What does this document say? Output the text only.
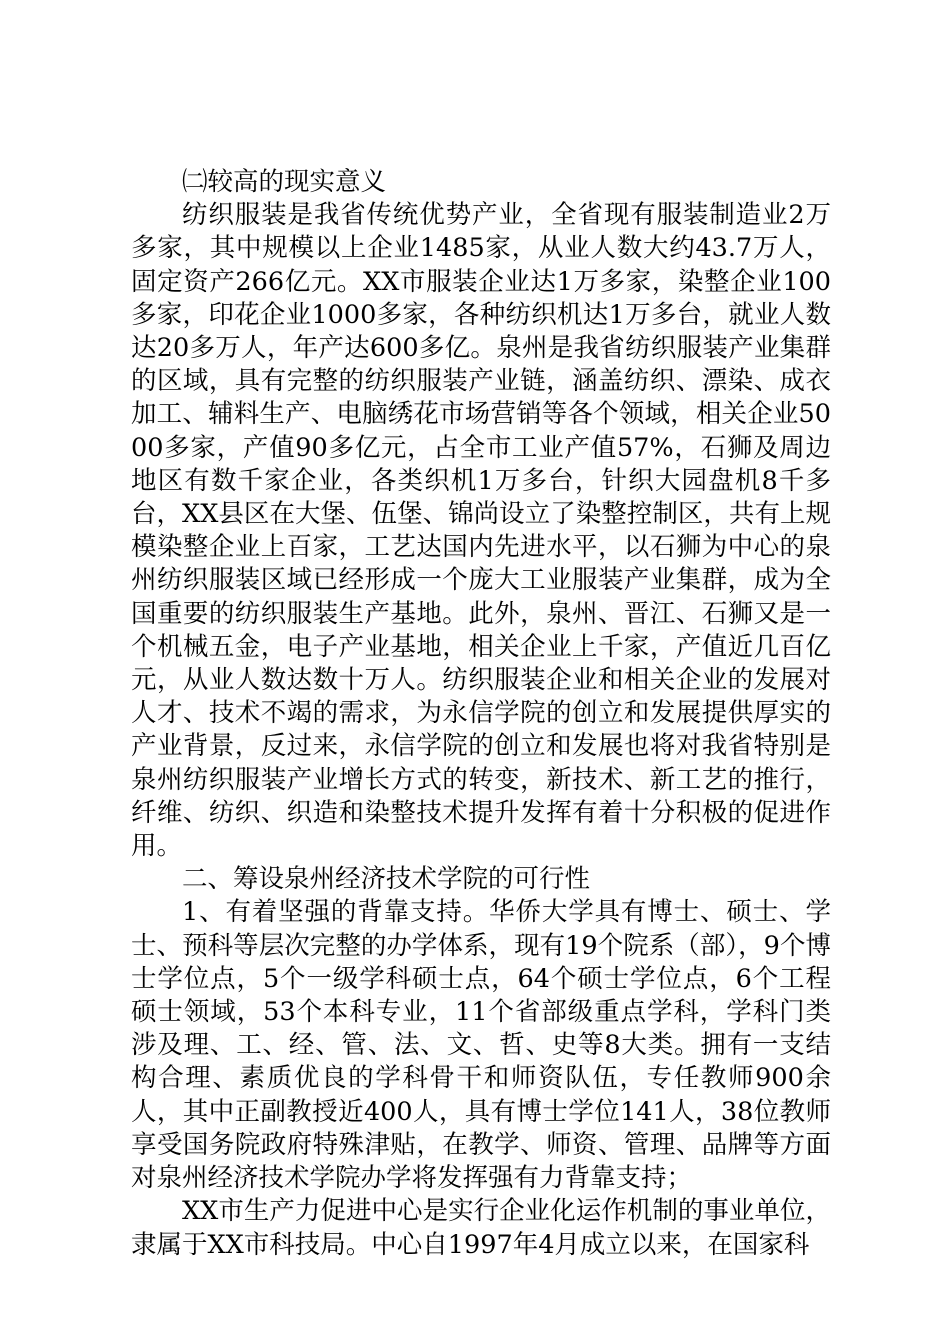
㈡较高的现实意义

纺织服装是我省传统优势产业，全省现有服装制造业2万多家，其中规模以上企业1485家，从业人数大约43.7万人，固定资产266亿元。XX市服装企业达1万多家，染整企业100多家，印花企业1000多家，各种纺织机达1万多台，就业人数达20多万人，年产达600多亿。泉州是我省纺织服装产业集群的区域，具有完整的纺织服装产业链，涵盖纺织、漂染、成衣加工、辅料生产、电脑绣花市场营销等各个领域，相关企业5000多家，产值90多亿元，占全市工业产值57%，石狮及周边地区有数千家企业，各类织机1万多台，针织大园盘机8千多台，XX县区在大堡、伍堡、锦尚设立了染整控制区，共有上规模染整企业上百家，工艺达国内先进水平，以石狮为中心的泉州纺织服装区域已经形成一个庞大工业服装产业集群，成为全国重要的纺织服装生产基地。此外，泉州、晋江、石狮又是一个机械五金，电子产业基地，相关企业上千家，产值近几百亿元，从业人数达数十万人。纺织服装企业和相关企业的发展对人才、技术不竭的需求，为永信学院的创立和发展提供厚实的产业背景，反过来，永信学院的创立和发展也将对我省特别是泉州纺织服装产业增长方式的转变，新技术、新工艺的推行，纤维、纺织、织造和染整技术提升发挥有着十分积极的促进作用。

二、筹设泉州经济技术学院的可行性

1、有着坚强的背靠支持。华侨大学具有博士、硕士、学士、预科等层次完整的办学体系，现有19个院系（部），9个博士学位点，5个一级学科硕士点，64个硕士学位点，6个工程硕士领域，53个本科专业，11个省部级重点学科，学科门类涉及理、工、经、管、法、文、哲、史等8大类。拥有一支结构合理、素质优良的学科骨干和师资队伍，专任教师900余人，其中正副教授近400人，具有博士学位141人，38位教师享受国务院政府特殊津贴，在教学、师资、管理、品牌等方面对泉州经济技术学院办学将发挥强有力背靠支持；

XX市生产力促进中心是实行企业化运作机制的事业单位，隶属于XX市科技局。中心自1997年4月成立以来，在国家科
